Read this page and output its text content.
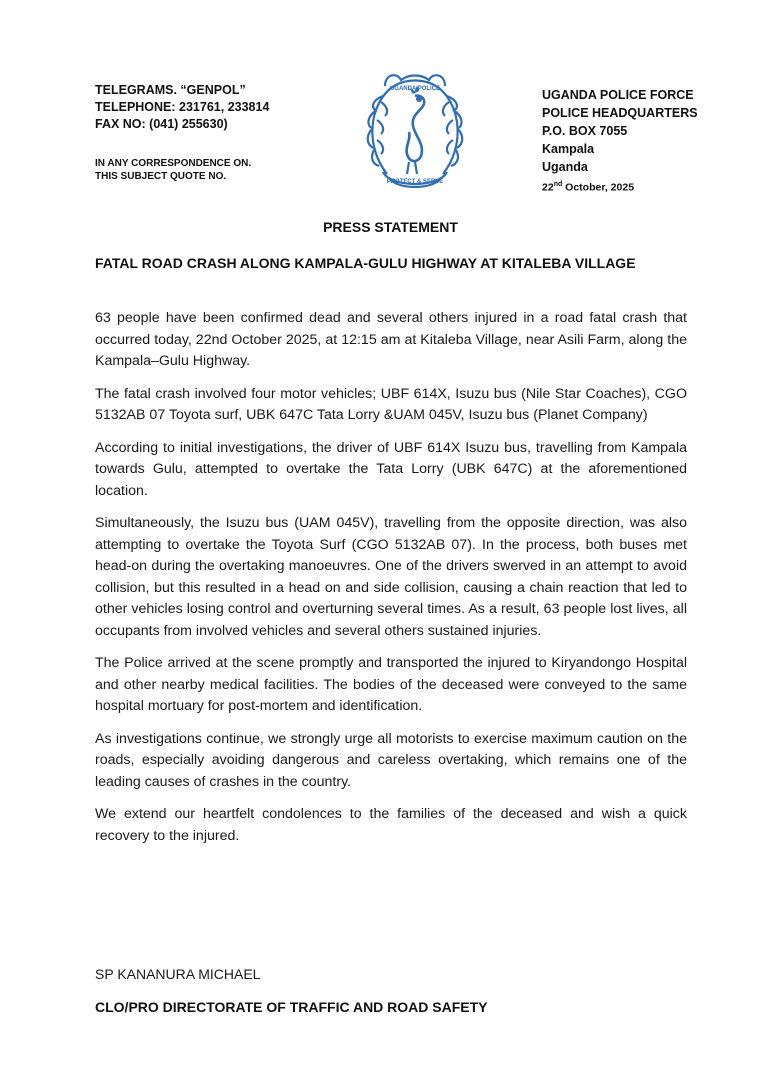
TELEGRAMS. “GENPOL”
TELEPHONE: 231761, 233814
FAX NO: (041) 255630)
IN ANY CORRESPONDENCE ON.
THIS SUBJECT QUOTE NO.
UGANDA POLICE
PROTECT & SERVE
UGANDA POLICE FORCE
POLICE HEADQUARTERS
P.O. BOX 7055
Kampala
Uganda
22nd October, 2025
PRESS STATEMENT
FATAL ROAD CRASH ALONG KAMPALA-GULU HIGHWAY AT KITALEBA VILLAGE

63 people have been confirmed dead and several others injured in a road fatal crash that occurred today, 22nd October 2025, at 12:15 am at Kitaleba Village, near Asili Farm, along the Kampala–Gulu Highway.

The fatal crash involved four motor vehicles; UBF 614X, Isuzu bus (Nile Star Coaches), CGO 5132AB 07 Toyota surf, UBK 647C Tata Lorry &UAM 045V, Isuzu bus (Planet Company)

According to initial investigations, the driver of UBF 614X Isuzu bus, travelling from Kampala towards Gulu, attempted to overtake the Tata Lorry (UBK 647C) at the aforementioned location.

Simultaneously, the Isuzu bus (UAM 045V), travelling from the opposite direction, was also attempting to overtake the Toyota Surf (CGO 5132AB 07). In the process, both buses met head-on during the overtaking manoeuvres. One of the drivers swerved in an attempt to avoid collision, but this resulted in a head on and side collision, causing a chain reaction that led to other vehicles losing control and overturning several times. As a result, 63 people lost lives, all occupants from involved vehicles and several others sustained injuries.

The Police arrived at the scene promptly and transported the injured to Kiryandongo Hospital and other nearby medical facilities. The bodies of the deceased were conveyed to the same hospital mortuary for post-mortem and identification.

As investigations continue, we strongly urge all motorists to exercise maximum caution on the roads, especially avoiding dangerous and careless overtaking, which remains one of the leading causes of crashes in the country.

We extend our heartfelt condolences to the families of the deceased and wish a quick recovery to the injured.

SP KANANURA MICHAEL
CLO/PRO DIRECTORATE OF TRAFFIC AND ROAD SAFETY
